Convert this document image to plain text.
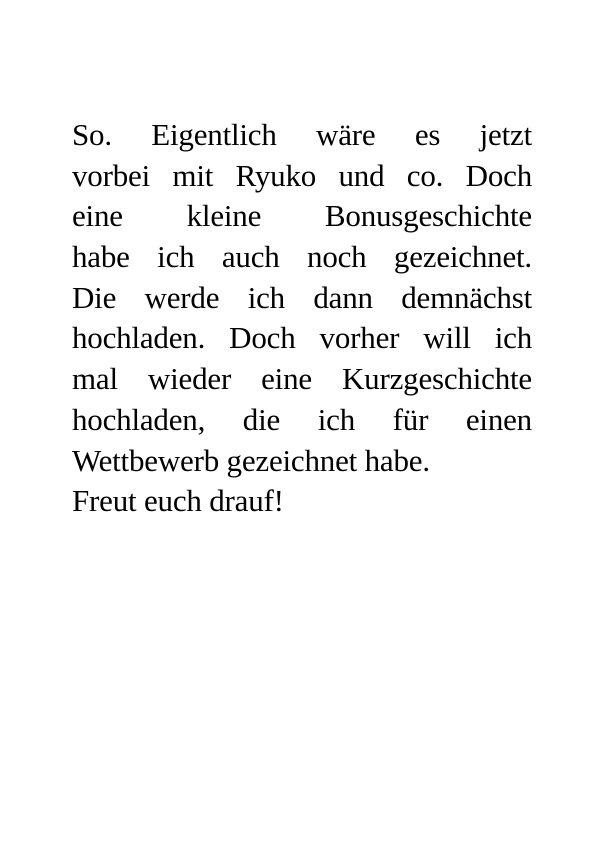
So. Eigentlich wäre es jetzt
vorbei mit Ryuko und co. Doch
eine kleine Bonusgeschichte
habe ich auch noch gezeichnet.
Die werde ich dann demnächst
hochladen. Doch vorher will ich
mal wieder eine Kurzgeschichte
hochladen, die ich für einen
Wettbewerb gezeichnet habe.
Freut euch drauf!
